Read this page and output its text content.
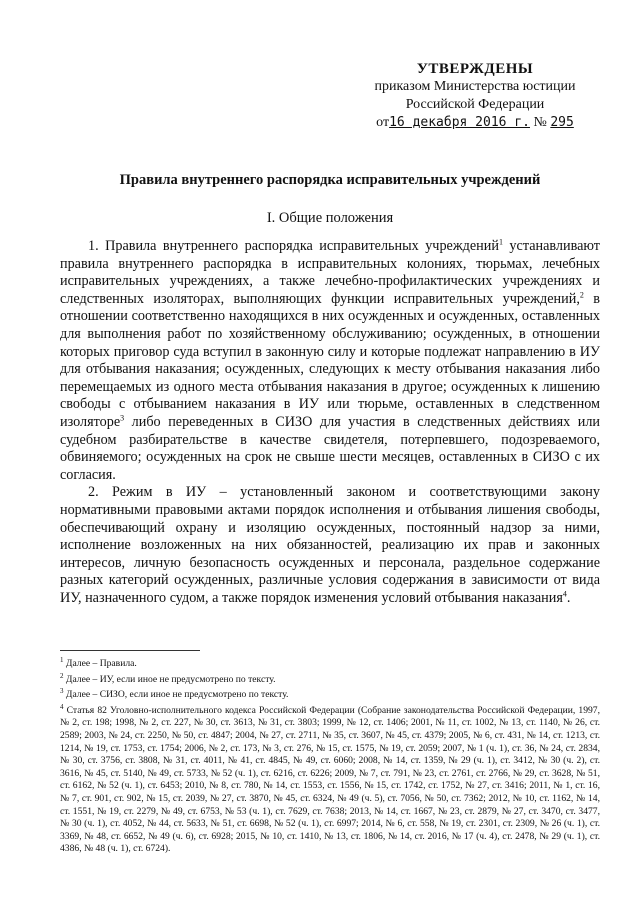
УТВЕРЖДЕНЫ
приказом Министерства юстиции
Российской Федерации
от16 декабря 2016 г. № 295
Правила внутреннего распорядка исправительных учреждений
I. Общие положения

1. Правила внутреннего распорядка исправительных учреждений$^1$ устанавливают правила внутреннего распорядка в исправительных колониях, тюрьмах, лечебных исправительных учреждениях, а также лечебно-профилактических учреждениях и следственных изоляторах, выполняющих функции исправительных учреждений,$^2$ в отношении соответственно находящихся в них осужденных и осужденных, оставленных для выполнения работ по хозяйственному обслуживанию; осужденных, в отношении которых приговор суда вступил в законную силу и которые подлежат направлению в ИУ для отбывания наказания; осужденных, следующих к месту отбывания наказания либо перемещаемых из одного места отбывания наказания в другое; осужденных к лишению свободы с отбыванием наказания в ИУ или тюрьме, оставленных в следственном изоляторе$^3$ либо переведенных в СИЗО для участия в следственных действиях или судебном разбирательстве в качестве свидетеля, потерпевшего, подозреваемого, обвиняемого; осужденных на срок не свыше шести месяцев, оставленных в СИЗО с их согласия.

2. Режим в ИУ – установленный законом и соответствующими закону нормативными правовыми актами порядок исполнения и отбывания лишения свободы, обеспечивающий охрану и изоляцию осужденных, постоянный надзор за ними, исполнение возложенных на них обязанностей, реализацию их прав и законных интересов, личную безопасность осужденных и персонала, раздельное содержание разных категорий осужденных, различные условия содержания в зависимости от вида ИУ, назначенного судом, а также порядок изменения условий отбывания наказания$^4$.

$^1$ Далее – Правила.
$^2$ Далее – ИУ, если иное не предусмотрено по тексту.
$^3$ Далее – СИЗО, если иное не предусмотрено по тексту.
$^4$ Статья 82 Уголовно-исполнительного кодекса Российской Федерации (Собрание законодательства Российской Федерации, 1997, № 2, ст. 198; 1998, № 2, ст. 227, № 30, ст. 3613, № 31, ст. 3803; 1999, № 12, ст. 1406; 2001, № 11, ст. 1002, № 13, ст. 1140, № 26, ст. 2589; 2003, № 24, ст. 2250, № 50, ст. 4847; 2004, № 27, ст. 2711, № 35, ст. 3607, № 45, ст. 4379; 2005, № 6, ст. 431, № 14, ст. 1213, ст. 1214, № 19, ст. 1753, ст. 1754; 2006, № 2, ст. 173, № 3, ст. 276, № 15, ст. 1575, № 19, ст. 2059; 2007, № 1 (ч. 1), ст. 36, № 24, ст. 2834, № 30, ст. 3756, ст. 3808, № 31, ст. 4011, № 41, ст. 4845, № 49, ст. 6060; 2008, № 14, ст. 1359, № 29 (ч. 1), ст. 3412, № 30 (ч. 2), ст. 3616, № 45, ст. 5140, № 49, ст. 5733, № 52 (ч. 1), ст. 6216, ст. 6226; 2009, № 7, ст. 791, № 23, ст. 2761, ст. 2766, № 29, ст. 3628, № 51, ст. 6162, № 52 (ч. 1), ст. 6453; 2010, № 8, ст. 780, № 14, ст. 1553, ст. 1556, № 15, ст. 1742, ст. 1752, № 27, ст. 3416; 2011, № 1, ст. 16, № 7, ст. 901, ст. 902, № 15, ст. 2039, № 27, ст. 3870, № 45, ст. 6324, № 49 (ч. 5), ст. 7056, № 50, ст. 7362; 2012, № 10, ст. 1162, № 14, ст. 1551, № 19, ст. 2279, № 49, ст. 6753, № 53 (ч. 1), ст. 7629, ст. 7638; 2013, № 14, ст. 1667, № 23, ст. 2879, № 27, ст. 3470, ст. 3477, № 30 (ч. 1), ст. 4052, № 44, ст. 5633, № 51, ст. 6698, № 52 (ч. 1), ст. 6997; 2014, № 6, ст. 558, № 19, ст. 2301, ст. 2309, № 26 (ч. 1), ст. 3369, № 48, ст. 6652, № 49 (ч. 6), ст. 6928; 2015, № 10, ст. 1410, № 13, ст. 1806, № 14, ст. 2016, № 17 (ч. 4), ст. 2478, № 29 (ч. 1), ст. 4386, № 48 (ч. 1), ст. 6724).
